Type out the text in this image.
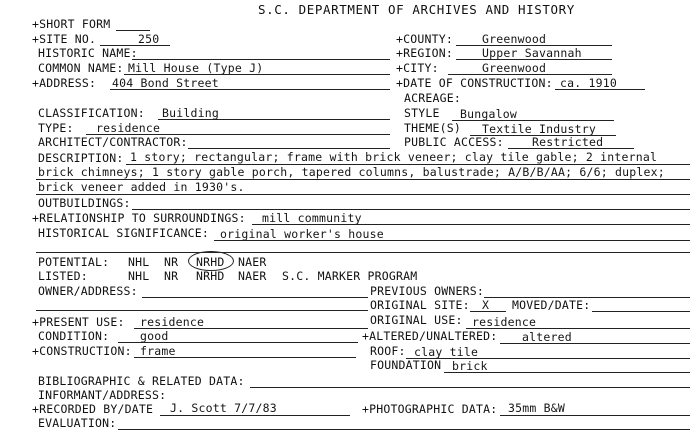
S.C. DEPARTMENT OF ARCHIVES AND HISTORY
+SHORT FORM
+SITE NO.	250	+COUNTY:	Greenwood
HISTORIC NAME:	+REGION:	Upper Savannah
COMMON NAME: Mill House (Type J)	+CITY:	Greenwood
+ADDRESS: 404 Bond Street	+DATE OF CONSTRUCTION: ca. 1910
ACREAGE:
CLASSIFICATION: Building	STYLE Bungalow
TYPE: residence	THEME(S) Textile Industry
ARCHITECT/CONTRACTOR:	PUBLIC ACCESS: Restricted
DESCRIPTION: 1 story; rectangular; frame with brick veneer; clay tile gable; 2 internal
brick chimneys; 1 story gable porch, tapered columns, balustrade; A/B/B/AA; 6/6; duplex;
brick veneer added in 1930's.
OUTBUILDINGS:
+RELATIONSHIP TO SURROUNDINGS: mill community
HISTORICAL SIGNIFICANCE: original worker's house
POTENTIAL: NHL NR NRHD NAER
LISTED:	NHL NR NRHD NAER S.C. MARKER PROGRAM
OWNER/ADDRESS:	PREVIOUS OWNERS:
ORIGINAL SITE: X MOVED/DATE:
+PRESENT USE: residence	ORIGINAL USE: residence
CONDITION:	good	+ALTERED/UNALTERED: altered
+CONSTRUCTION: frame	ROOF: clay tile
FOUNDATION brick
BIBLIOGRAPHIC & RELATED DATA:
INFORMANT/ADDRESS:
+RECORDED BY/DATE J. Scott 7/7/83	+PHOTOGRAPHIC DATA: 35mm B&W
EVALUATION:
